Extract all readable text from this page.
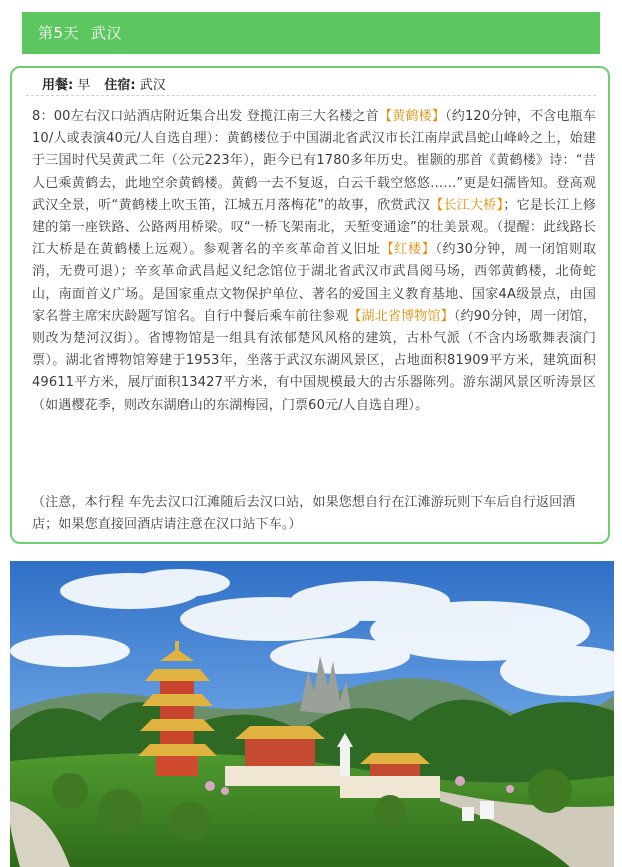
第5天 武汉
用餐: 早 住宿: 武汉
8：00左右汉口站酒店附近集合出发 登揽江南三大名楼之首【黄鹤楼】（约120分钟，不含电瓶车10/人或表演40元/人自选自理）：黄鹤楼位于中国湖北省武汉市长江南岸武昌蛇山峰岭之上，始建于三国时代吴黄武二年（公元223年），距今已有1780多年历史。崔颢的那首《黄鹤楼》诗：“昔人已乘黄鹤去，此地空余黄鹤楼。黄鹤一去不复返，白云千载空悠悠……”更是妇孺皆知。登高观武汉全景，听“黄鹤楼上吹玉笛，江城五月落梅花”的故事，欣赏武汉【长江大桥】；它是长江上修建的第一座铁路、公路两用桥梁。叹“一桥飞架南北，天堑变通途”的壮美景观。（提醒：此线路长江大桥是在黄鹤楼上远观）。参观著名的辛亥革命首义旧址【红楼】（约30分钟，周一闭馆则取消，无费可退）；辛亥革命武昌起义纪念馆位于湖北省武汉市武昌阅马场，西邻黄鹤楼，北倚蛇山，南面首义广场。是国家重点文物保护单位、著名的爱国主义教育基地、国家4A级景点，由国家名誉主席宋庆龄题写馆名。自行中餐后乘车前往参观【湖北省博物馆】（约90分钟，周一闭馆，则改为楚河汉街）。省博物馆是一组具有浓郁楚风风格的建筑，古朴气派（不含内场歌舞表演门票）。湖北省博物馆筹建于1953年，坐落于武汉东湖风景区，占地面积81909平方米，建筑面积49611平方米，展厅面积13427平方米，有中国规模最大的古乐器陈列。游东湖风景区听涛景区（如遇樱花季，则改东湖磨山的东湖梅园，门票60元/人自选自理）。
（注意，本行程 车先去汉口江滩随后去汉口站，如果您想自行在江滩游玩则下车后自行返回酒店；如果您直接回酒店请注意在汉口站下车。）
